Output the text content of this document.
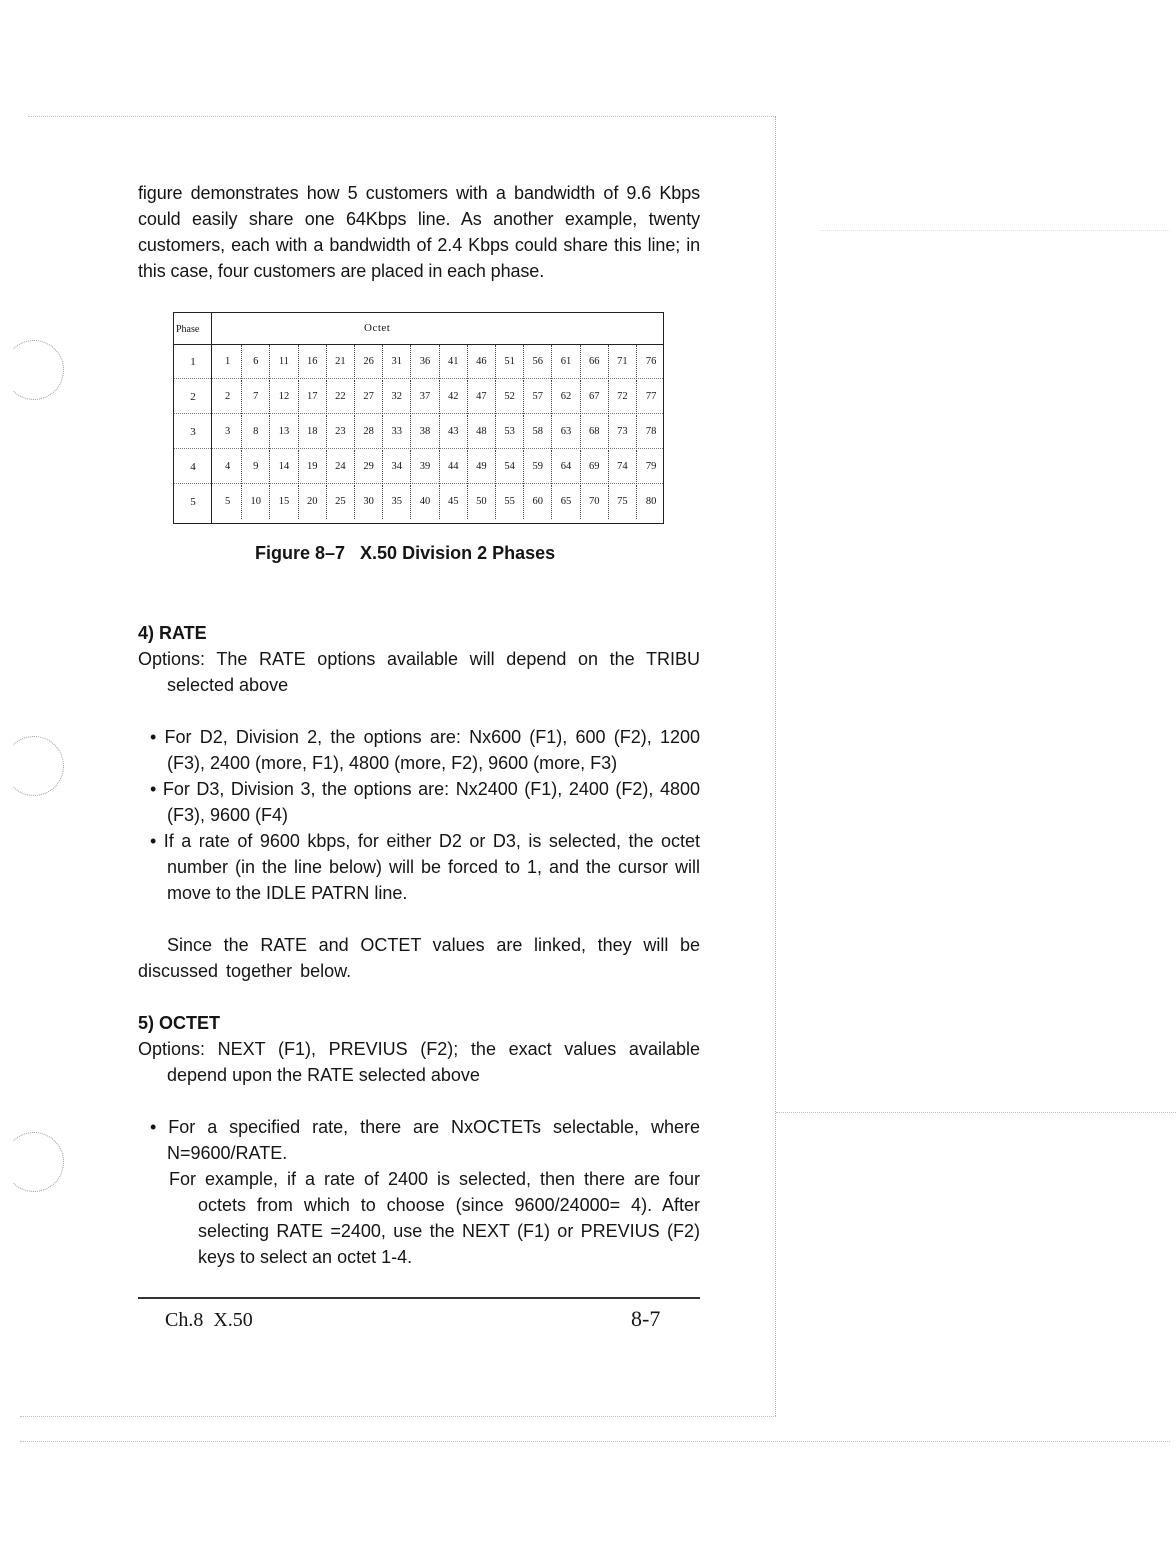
figure demonstrates how 5 customers with a bandwidth of 9.6 Kbps could easily share one 64Kbps line. As another example, twenty customers, each with a bandwidth of 2.4 Kbps could share this line; in this case, four customers are placed in each phase.

Phase	Octet
1	1	6	11	16	21	26	31	36	41	46	51	56	61	66	71	76
2	2	7	12	17	22	27	32	37	42	47	52	57	62	67	72	77
3	3	8	13	18	23	28	33	38	43	48	53	58	63	68	73	78
4	4	9	14	19	24	29	34	39	44	49	54	59	64	69	74	79
5	5	10	15	20	25	30	35	40	45	50	55	60	65	70	75	80
Figure 8–7   X.50 Division 2 Phases

4) RATE

Options: The RATE options available will depend on the TRIBU selected above

• For D2, Division 2, the options are: Nx600 (F1), 600 (F2), 1200 (F3), 2400 (more, F1), 4800 (more, F2), 9600 (more, F3)

• For D3, Division 3, the options are: Nx2400 (F1), 2400 (F2), 4800 (F3), 9600 (F4)

• If a rate of 9600 kbps, for either D2 or D3, is selected, the octet number (in the line below) will be forced to 1, and the cursor will move to the IDLE PATRN line.

Since the RATE and OCTET values are linked, they will be discussed together below.

5) OCTET

Options: NEXT (F1), PREVIUS (F2); the exact values available depend upon the RATE selected above

• For a specified rate, there are NxOCTETs selectable, where N=9600/RATE.

For example, if a rate of 2400 is selected, then there are four octets from which to choose (since 9600/24000= 4). After selecting RATE =2400, use the NEXT (F1) or PREVIUS (F2) keys to select an octet 1-4.

Ch.8  X.50	8-7
